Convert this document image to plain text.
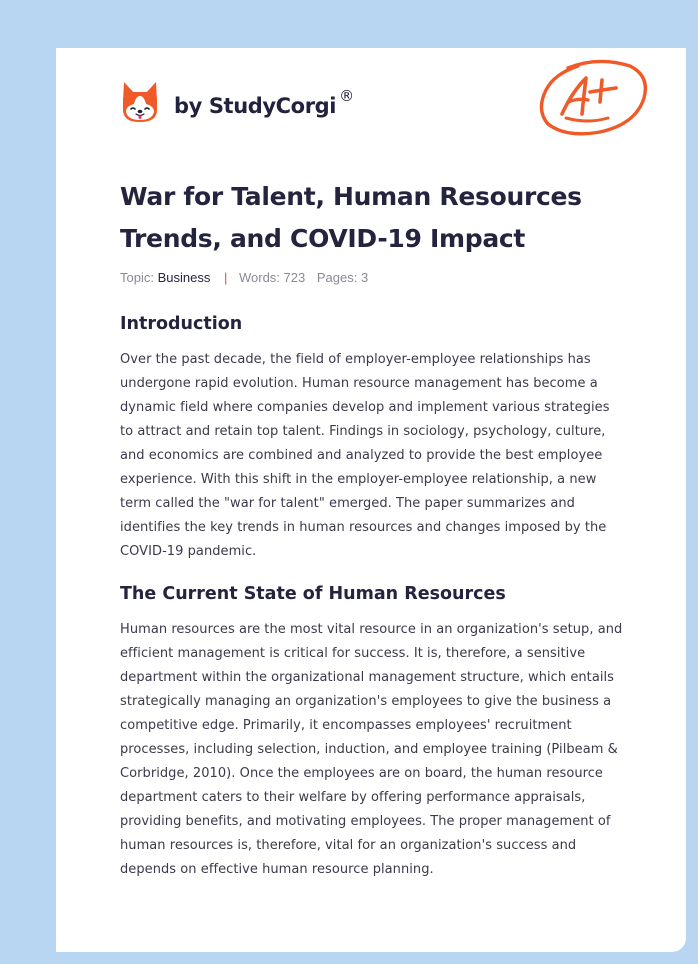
by StudyCorgi ®
War for Talent, Human Resources Trends, and COVID-19 Impact
Topic: Business | Words: 723 Pages: 3
Introduction

Over the past decade, the field of employer-employee relationships has undergone rapid evolution. Human resource management has become a dynamic field where companies develop and implement various strategies to attract and retain top talent. Findings in sociology, psychology, culture, and economics are combined and analyzed to provide the best employee experience. With this shift in the employer-employee relationship, a new term called the "war for talent" emerged. The paper summarizes and identifies the key trends in human resources and changes imposed by the COVID-19 pandemic.

The Current State of Human Resources

Human resources are the most vital resource in an organization's setup, and efficient management is critical for success. It is, therefore, a sensitive department within the organizational management structure, which entails strategically managing an organization's employees to give the business a competitive edge. Primarily, it encompasses employees' recruitment processes, including selection, induction, and employee training (Pilbeam & Corbridge, 2010). Once the employees are on board, the human resource department caters to their welfare by offering performance appraisals, providing benefits, and motivating employees. The proper management of human resources is, therefore, vital for an organization's success and depends on effective human resource planning.
